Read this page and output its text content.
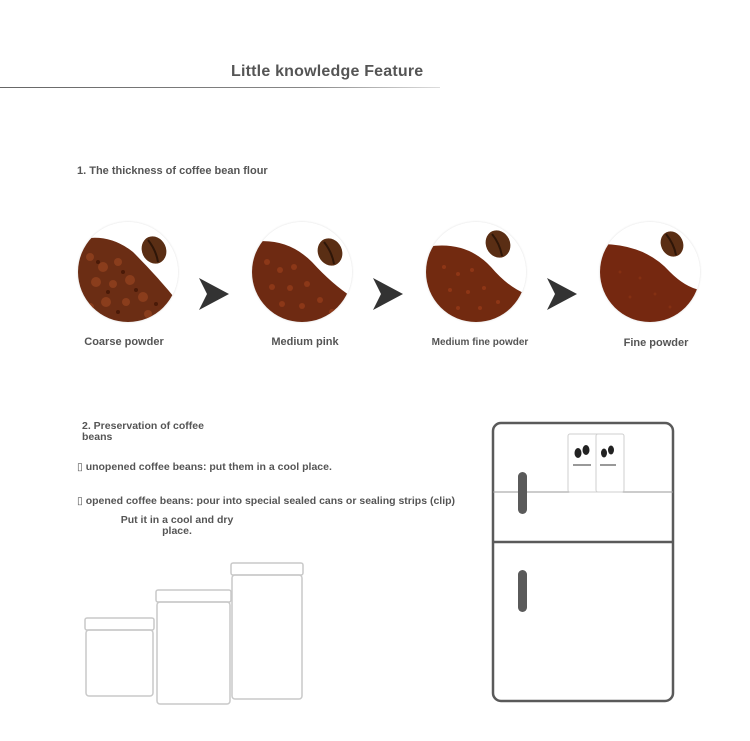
Little knowledge Feature
1. The thickness of coffee bean flour
Coarse powder	Medium pink	Medium fine powder	Fine powder
2. Preservation of coffee beans
▯ unopened coffee beans: put them in a cool place.
▯ opened coffee beans: pour into special sealed cans or sealing strips (clip)
Put it in a cool and dry place.
